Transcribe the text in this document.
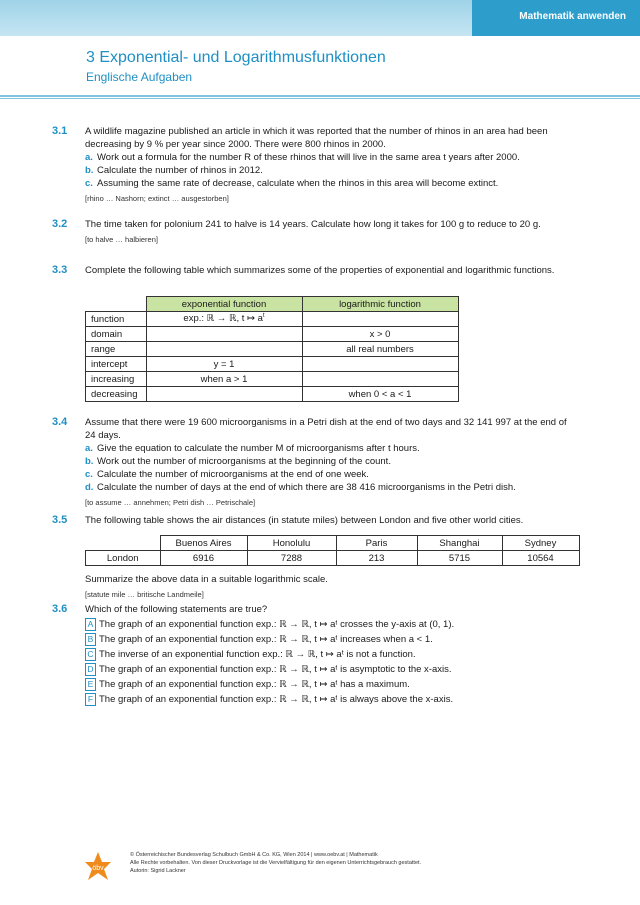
Mathematik anwenden
3 Exponential- und Logarithmusfunktionen
Englische Aufgaben
3.1 A wildlife magazine published an article in which it was reported that the number of rhinos in an area had been decreasing by 9 % per year since 2000. There were 800 rhinos in 2000.
a. Work out a formula for the number R of these rhinos that will live in the same area t years after 2000.
b. Calculate the number of rhinos in 2012.
c. Assuming the same rate of decrease, calculate when the rhinos in this area will become extinct.
[rhino … Nashorn; extinct … ausgestorben]
3.2 The time taken for polonium 241 to halve is 14 years. Calculate how long it takes for 100 g to reduce to 20 g.
[to halve … halbieren]
3.3 Complete the following table which summarizes some of the properties of exponential and logarithmic functions.
	exponential function	logarithmic function
function	exp.: ℝ → ℝ, t ↦ $a^t$	
domain		x > 0
range		all real numbers
intercept	y = 1	
increasing	when a > 1	
decreasing		when 0 < a < 1
3.4 Assume that there were 19 600 microorganisms in a Petri dish at the end of two days and 32 141 997 at the end of 24 days.
a. Give the equation to calculate the number M of microorganisms after t hours.
b. Work out the number of microorganisms at the beginning of the count.
c. Calculate the number of microorganisms at the end of one week.
d. Calculate the number of days at the end of which there are 38 416 microorganisms in the Petri dish.
[to assume … annehmen; Petri dish … Petrischale]
3.5 The following table shows the air distances (in statute miles) between London and five other world cities.
	Buenos Aires	Honolulu	Paris	Shanghai	Sydney
London	6916	7288	213	5715	10564
Summarize the above data in a suitable logarithmic scale.
[statute mile … britische Landmeile]
3.6 Which of the following statements are true?
A The graph of an exponential function exp.: ℝ → ℝ, t ↦ aᵗ crosses the y-axis at (0, 1).
B The graph of an exponential function exp.: ℝ → ℝ, t ↦ aᵗ increases when a < 1.
C The inverse of an exponential function exp.: ℝ → ℝ, t ↦ aᵗ is not a function.
D The graph of an exponential function exp.: ℝ → ℝ, t ↦ aᵗ is asymptotic to the x-axis.
E The graph of an exponential function exp.: ℝ → ℝ, t ↦ aᵗ has a maximum.
F The graph of an exponential function exp.: ℝ → ℝ, t ↦ aᵗ is always above the x-axis.
öbv
© Österreichischer Bundesverlag Schulbuch GmbH & Co. KG, Wien 2014 | www.oebv.at | Mathematik
Alle Rechte vorbehalten. Von dieser Druckvorlage ist die Vervielfältigung für den eigenen Unterrichtsgebrauch gestattet.
Autorin: Sigrid Lackner
